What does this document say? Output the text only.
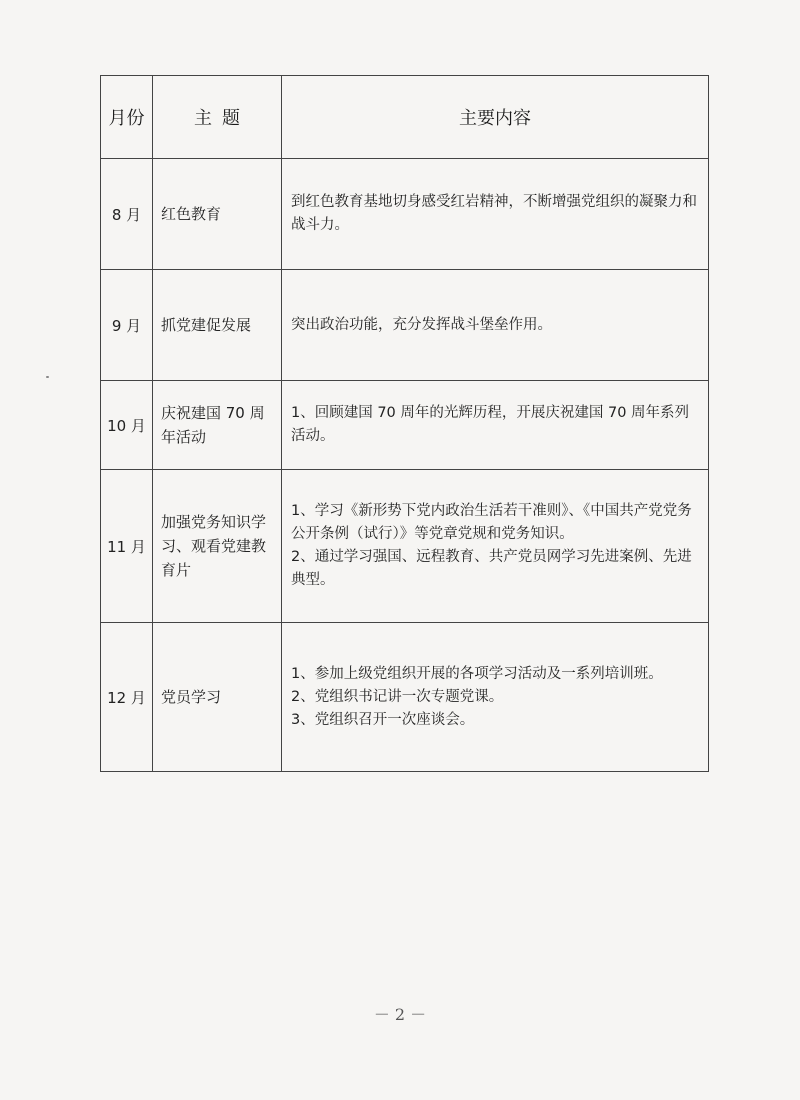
月份	主 题	主要内容
8 月	红色教育	到红色教育基地切身感受红岩精神，不断增强党组织的凝聚力和战斗力。

9 月	抓党建促发展	突出政治功能，充分发挥战斗堡垒作用。

10 月	庆祝建国 70 周年活动	1、回顾建国 70 周年的光辉历程，开展庆祝建国 70 周年系列活动。

11 月	加强党务知识学习、观看党建教育片	1、学习《新形势下党内政治生活若干准则》、《中国共产党党务公开条例（试行）》等党章党规和党务知识。
2、通过学习强国、远程教育、共产党员网学习先进案例、先进典型。

12 月	党员学习	1、参加上级党组织开展的各项学习活动及一系列培训班。
2、党组织书记讲一次专题党课。
3、党组织召开一次座谈会。
－ 2 －
